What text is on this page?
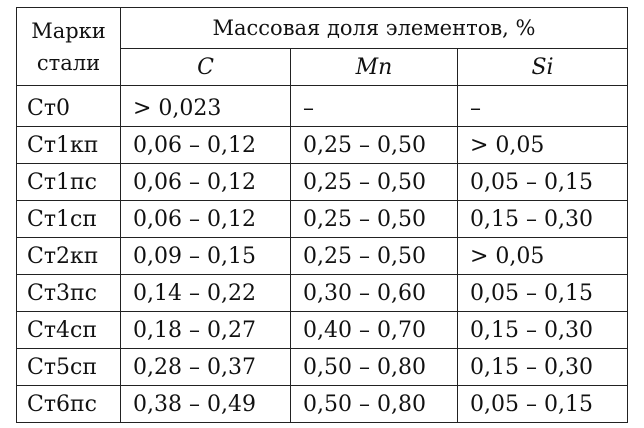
Марки
стали	Массовая доля элементов, %		
	C	Mn	Si
Ст0	> 0,023	–	–
Ст1кп	0,06 – 0,12	0,25 – 0,50	> 0,05
Ст1пс	0,06 – 0,12	0,25 – 0,50	0,05 – 0,15
Ст1сп	0,06 – 0,12	0,25 – 0,50	0,15 – 0,30
Ст2кп	0,09 – 0,15	0,25 – 0,50	> 0,05
Ст3пс	0,14 – 0,22	0,30 – 0,60	0,05 – 0,15
Ст4сп	0,18 – 0,27	0,40 – 0,70	0,15 – 0,30
Ст5сп	0,28 – 0,37	0,50 – 0,80	0,15 – 0,30
Ст6пс	0,38 – 0,49	0,50 – 0,80	0,05 – 0,15
